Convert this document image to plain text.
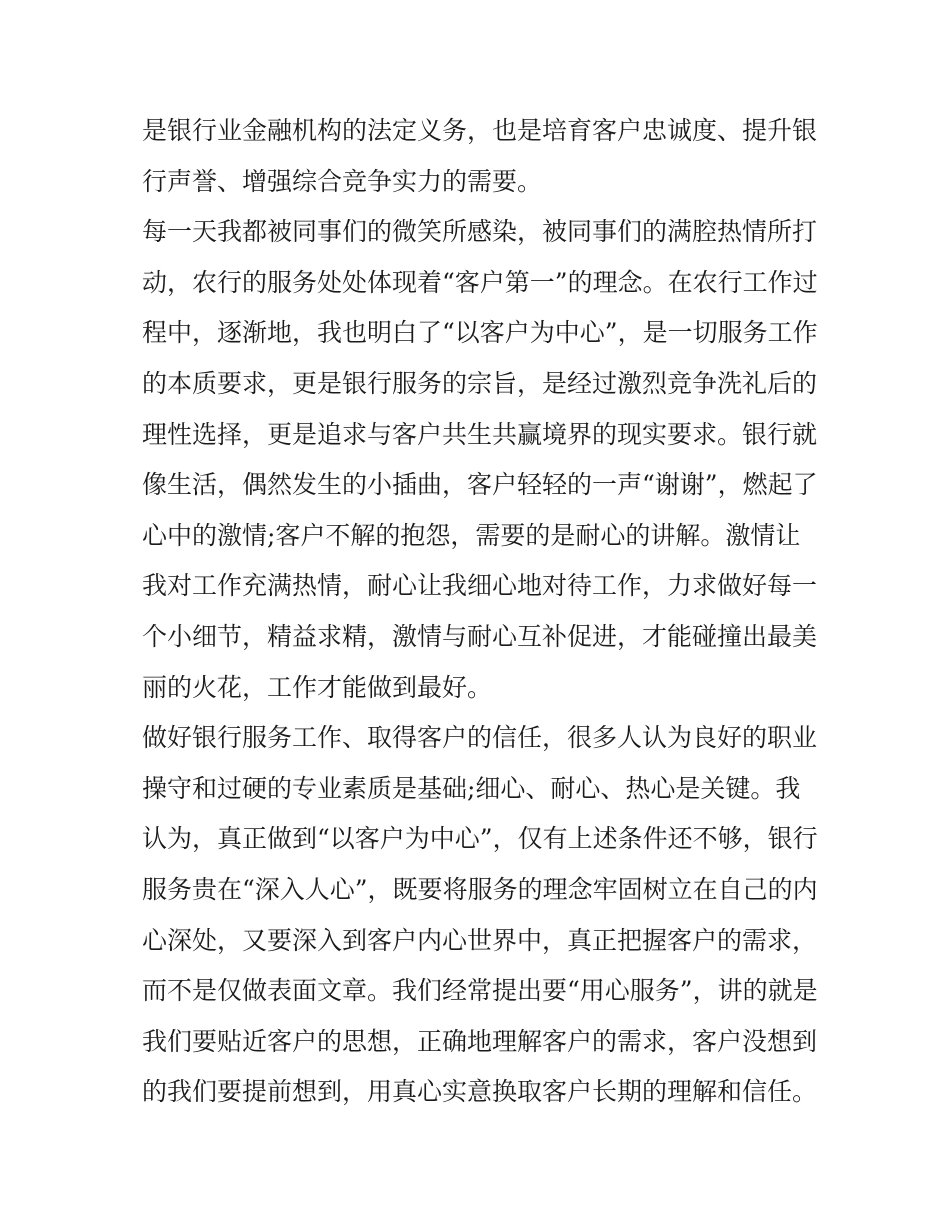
是银行业金融机构的法定义务，也是培育客户忠诚度、提升银
行声誉、增强综合竞争实力的需要。
每一天我都被同事们的微笑所感染，被同事们的满腔热情所打
动，农行的服务处处体现着“客户第一”的理念。在农行工作过
程中，逐渐地，我也明白了“以客户为中心”，是一切服务工作
的本质要求，更是银行服务的宗旨，是经过激烈竞争洗礼后的
理性选择，更是追求与客户共生共赢境界的现实要求。银行就
像生活，偶然发生的小插曲，客户轻轻的一声“谢谢”，燃起了
心中的激情;客户不解的抱怨，需要的是耐心的讲解。激情让
我对工作充满热情，耐心让我细心地对待工作，力求做好每一
个小细节，精益求精，激情与耐心互补促进，才能碰撞出最美
丽的火花，工作才能做到最好。
做好银行服务工作、取得客户的信任，很多人认为良好的职业
操守和过硬的专业素质是基础;细心、耐心、热心是关键。我
认为，真正做到“以客户为中心”，仅有上述条件还不够，银行
服务贵在“深入人心”，既要将服务的理念牢固树立在自己的内
心深处，又要深入到客户内心世界中，真正把握客户的需求，
而不是仅做表面文章。我们经常提出要“用心服务”，讲的就是
我们要贴近客户的思想，正确地理解客户的需求，客户没想到
的我们要提前想到，用真心实意换取客户长期的理解和信任。
